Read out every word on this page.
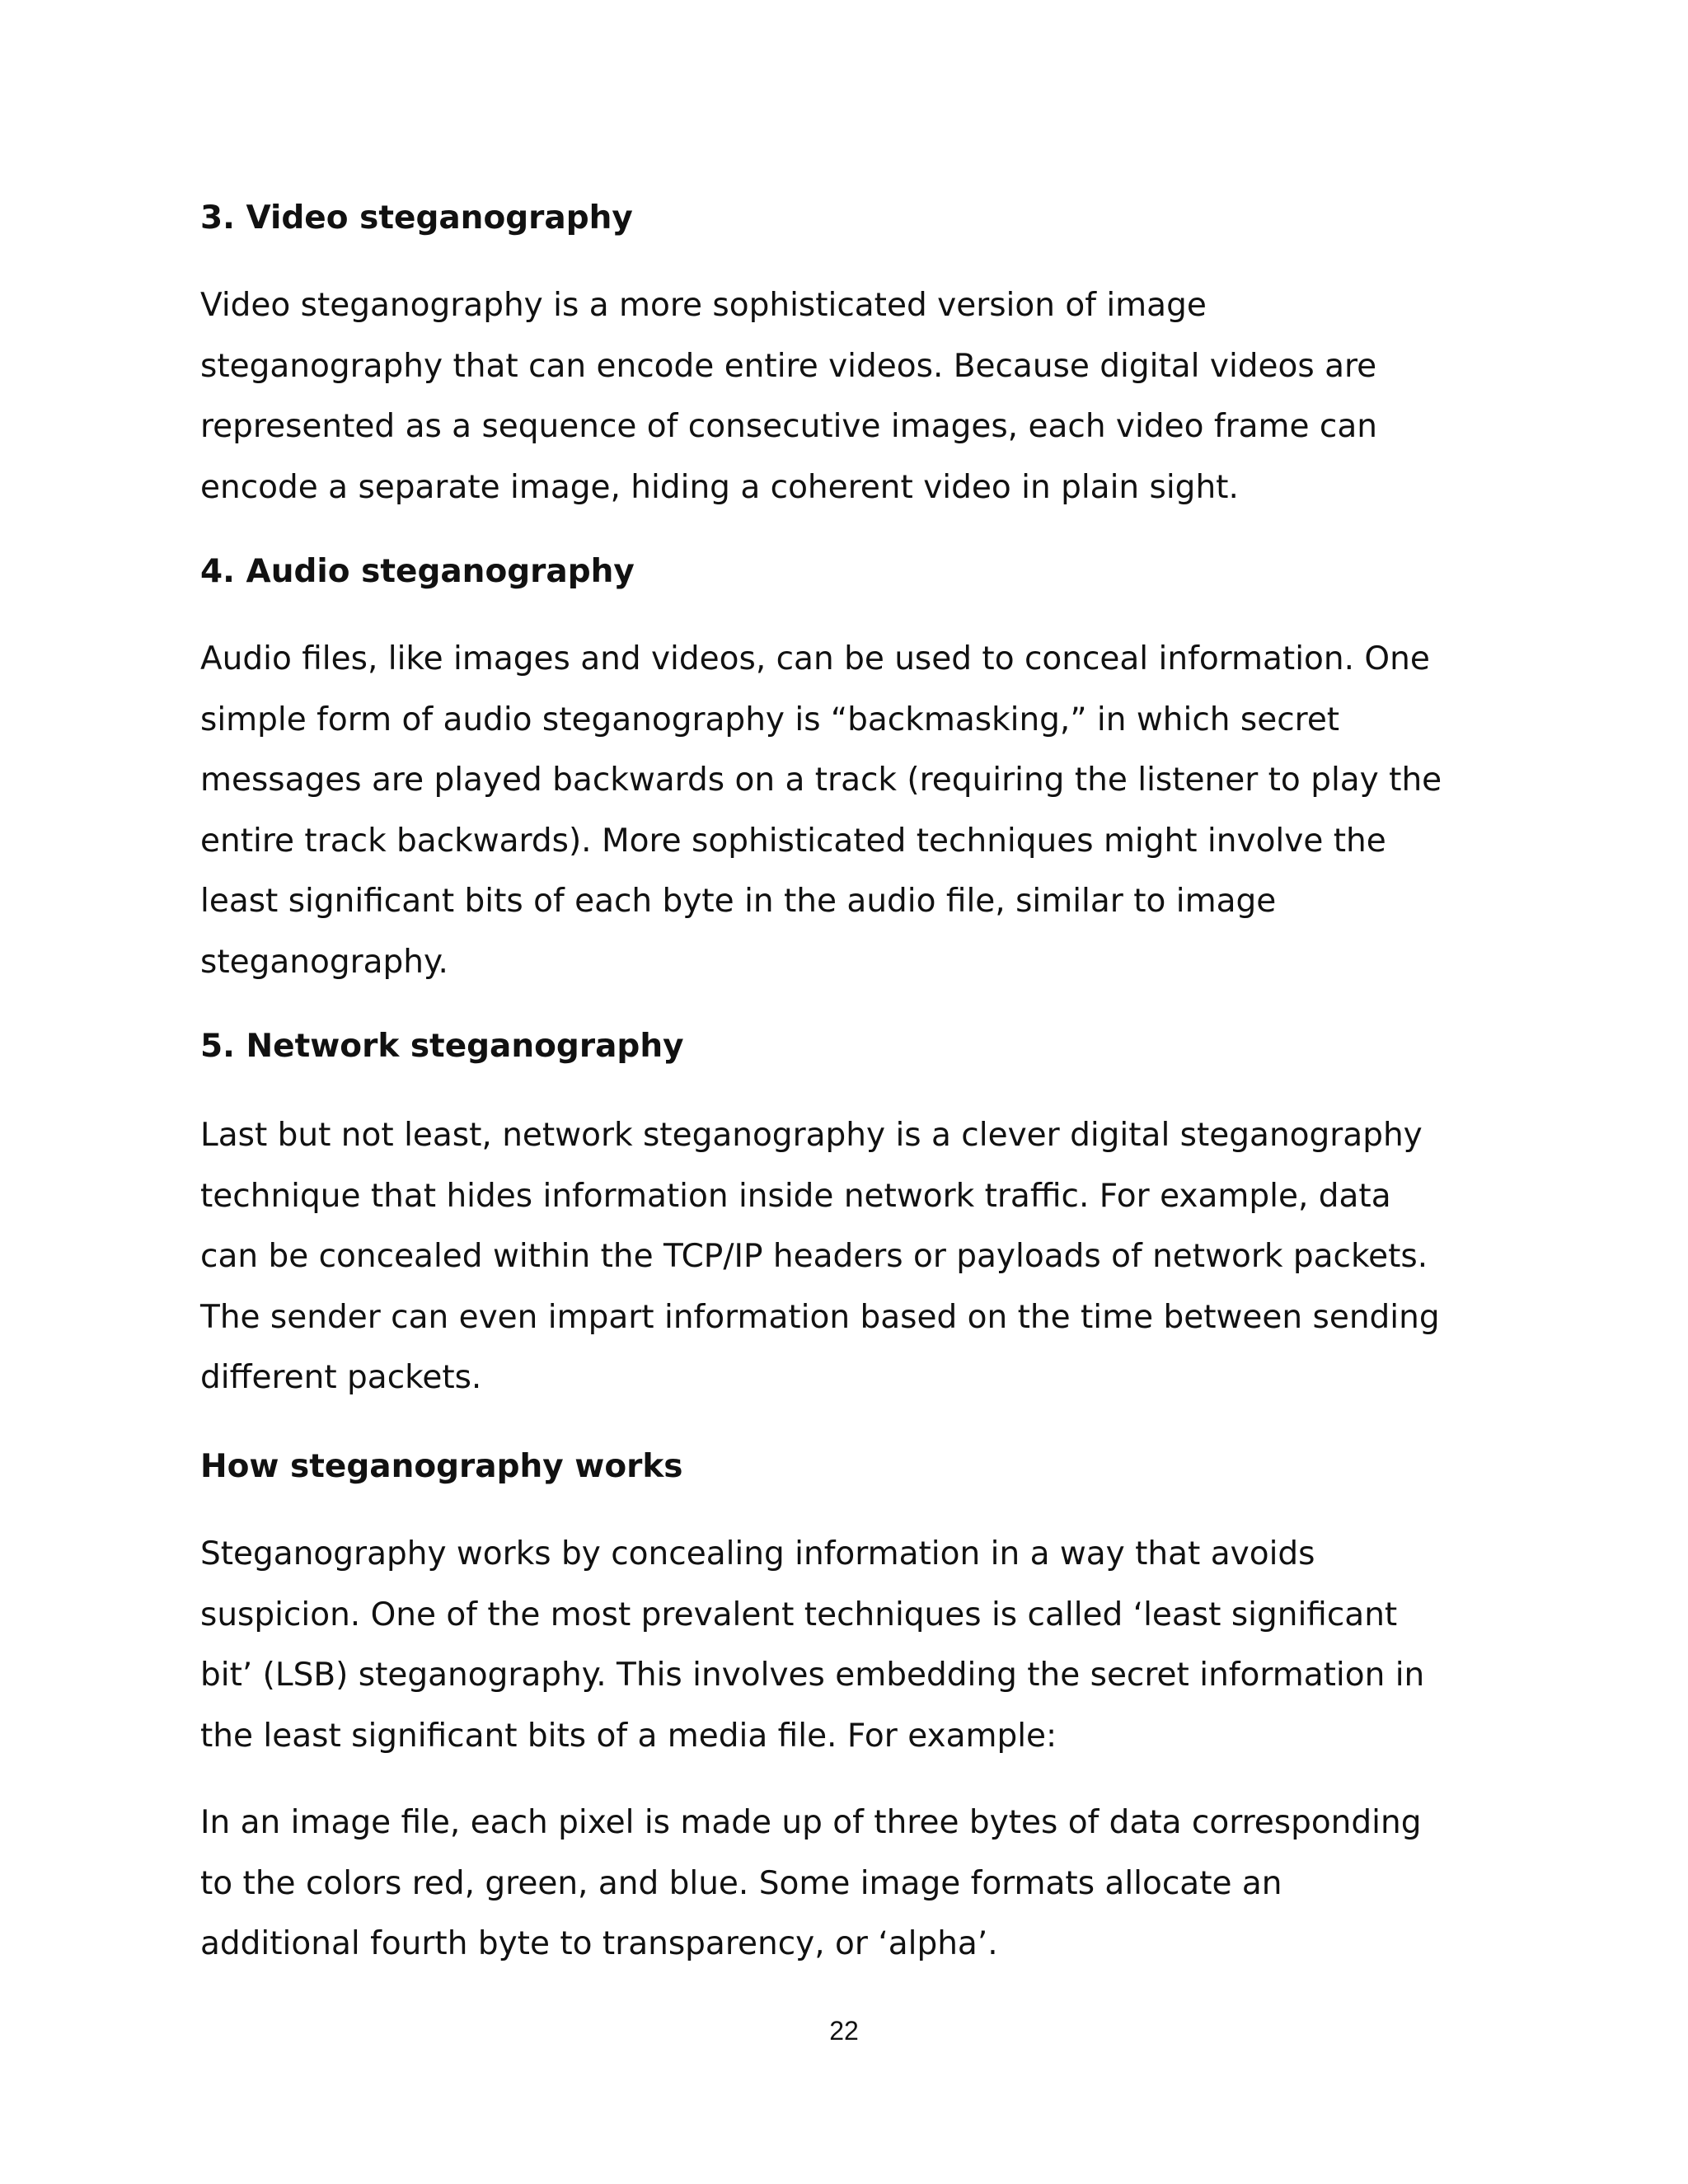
3. Video steganography
Video steganography is a more sophisticated version of image
steganography that can encode entire videos. Because digital videos are
represented as a sequence of consecutive images, each video frame can
encode a separate image, hiding a coherent video in plain sight.
4. Audio steganography
Audio files, like images and videos, can be used to conceal information. One
simple form of audio steganography is “backmasking,” in which secret
messages are played backwards on a track (requiring the listener to play the
entire track backwards). More sophisticated techniques might involve the
least significant bits of each byte in the audio file, similar to image
steganography.
5. Network steganography
Last but not least, network steganography is a clever digital steganography
technique that hides information inside network traffic. For example, data
can be concealed within the TCP/IP headers or payloads of network packets.
The sender can even impart information based on the time between sending
different packets.
How steganography works
Steganography works by concealing information in a way that avoids
suspicion. One of the most prevalent techniques is called ‘least significant
bit’ (LSB) steganography. This involves embedding the secret information in
the least significant bits of a media file. For example:
In an image file, each pixel is made up of three bytes of data corresponding
to the colors red, green, and blue. Some image formats allocate an
additional fourth byte to transparency, or ‘alpha’.
22
